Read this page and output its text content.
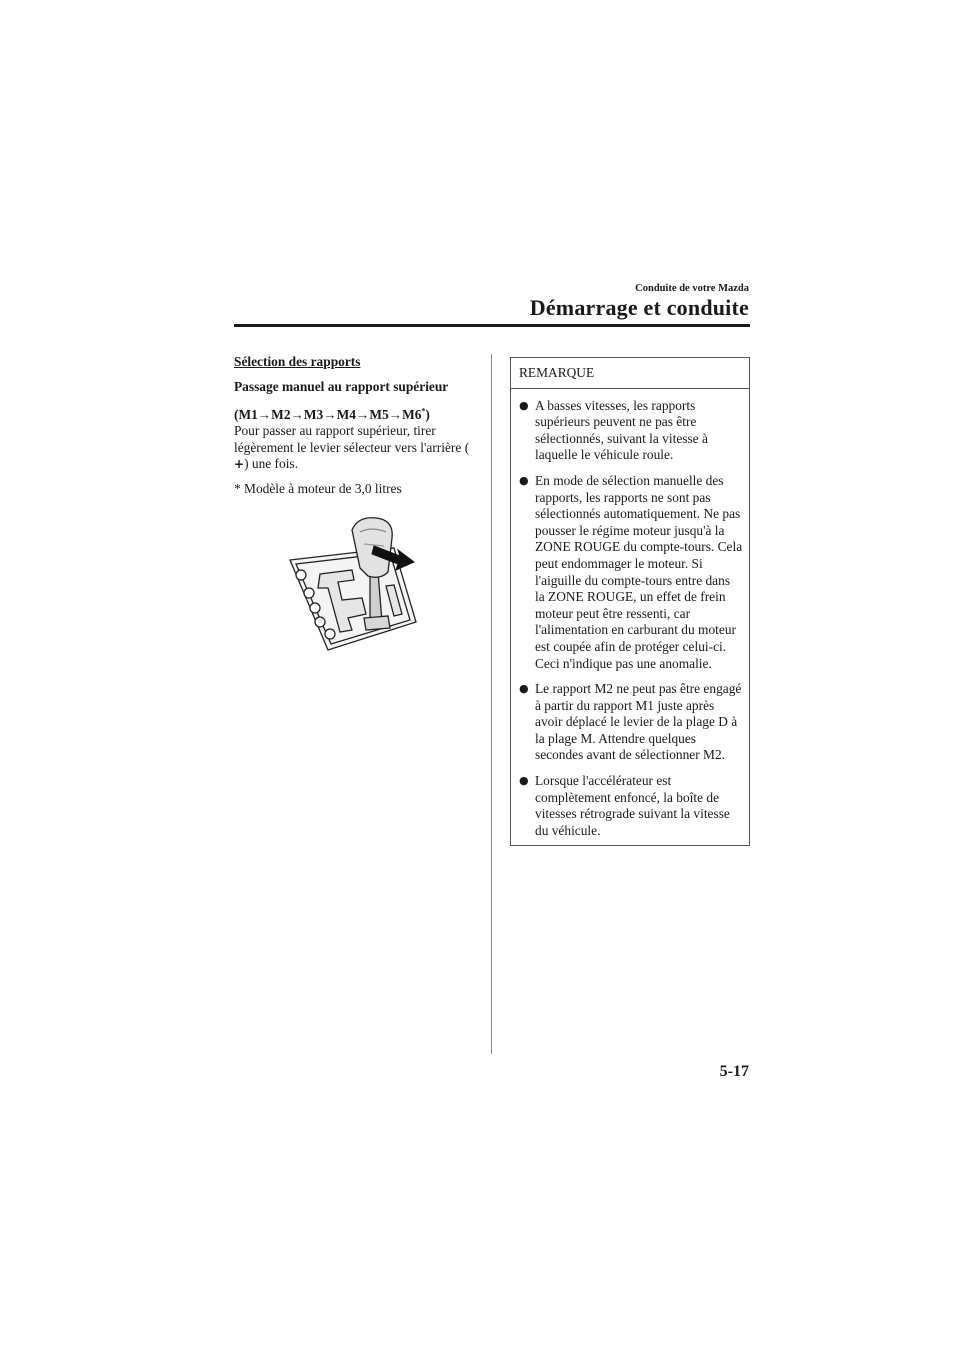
Conduite de votre Mazda
Démarrage et conduite

Sélection des rapports

Passage manuel au rapport supérieur

(M1→M2→M3→M4→M5→M6*)
Pour passer au rapport supérieur, tirer légèrement le levier sélecteur vers l'arrière (+) une fois.

* Modèle à moteur de 3,0 litres

REMARQUE
● A basses vitesses, les rapports supérieurs peuvent ne pas être sélectionnés, suivant la vitesse à laquelle le véhicule roule.
● En mode de sélection manuelle des rapports, les rapports ne sont pas sélectionnés automatiquement. Ne pas pousser le régime moteur jusqu'à la ZONE ROUGE du compte-tours. Cela peut endommager le moteur. Si l'aiguille du compte-tours entre dans la ZONE ROUGE, un effet de frein moteur peut être ressenti, car l'alimentation en carburant du moteur est coupée afin de protéger celui-ci. Ceci n'indique pas une anomalie.
● Le rapport M2 ne peut pas être engagé à partir du rapport M1 juste après avoir déplacé le levier de la plage D à la plage M. Attendre quelques secondes avant de sélectionner M2.
● Lorsque l'accélérateur est complètement enfoncé, la boîte de vitesses rétrograde suivant la vitesse du véhicule.
5-17
